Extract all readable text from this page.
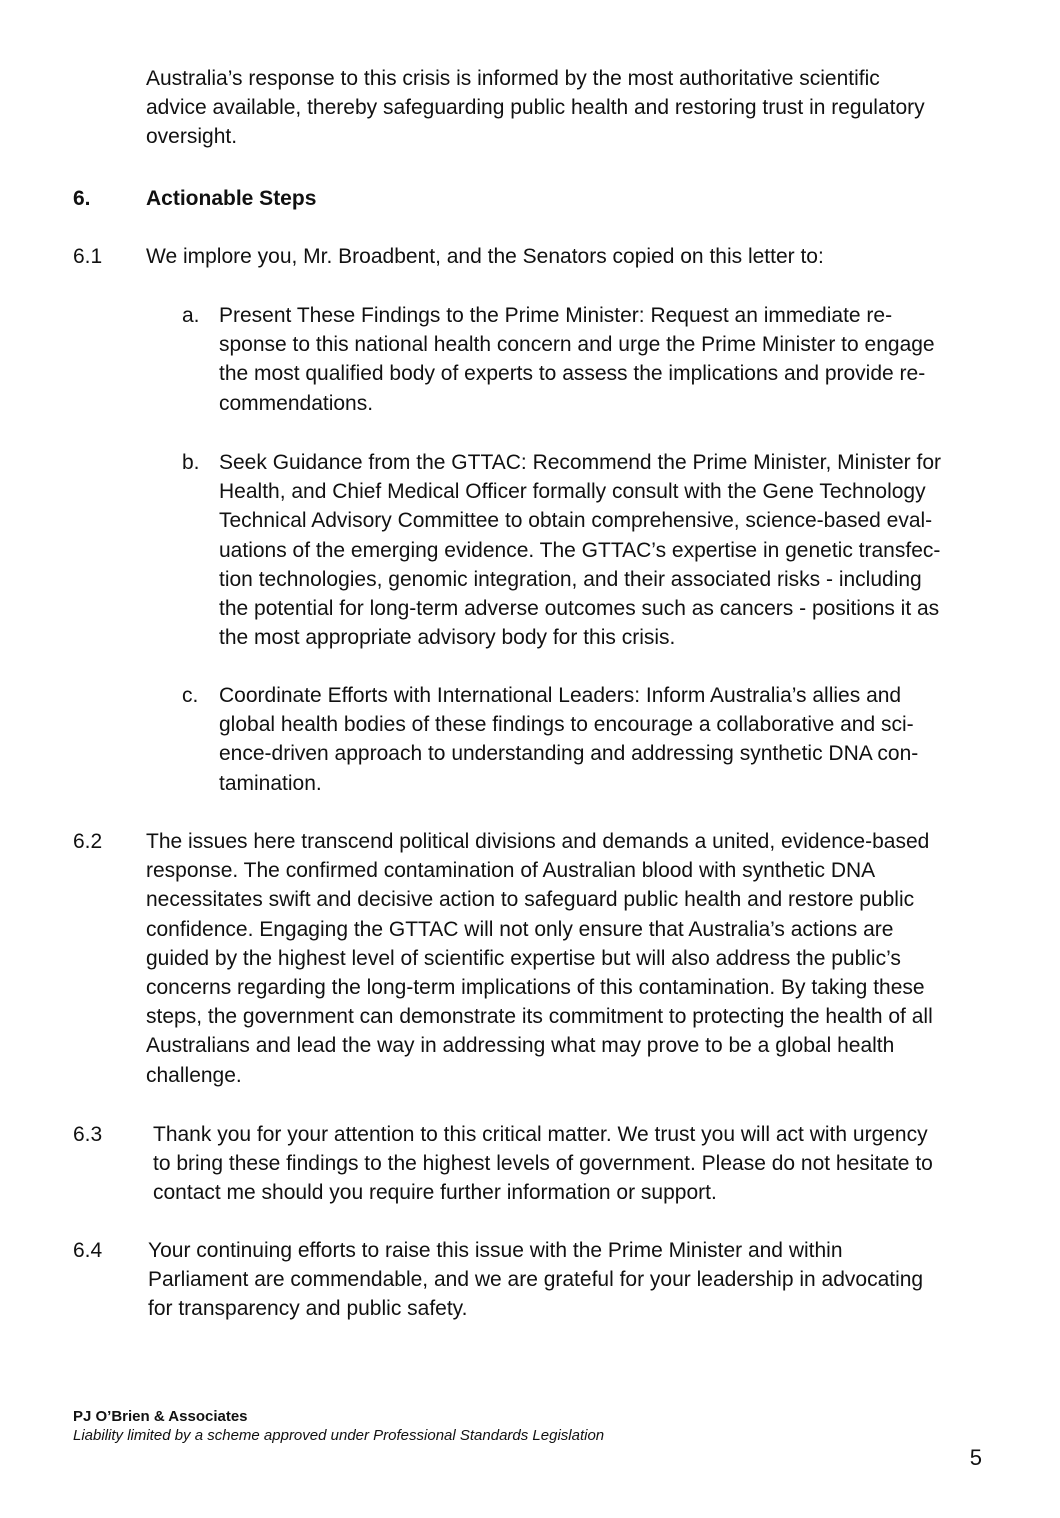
Australia’s response to this crisis is informed by the most authoritative scientific
advice available, thereby safeguarding public health and restoring trust in regulatory
oversight.
6.	Actionable Steps
6.1 We implore you, Mr. Broadbent, and the Senators copied on this letter to:
a. Present These Findings to the Prime Minister: Request an immediate re-
sponse to this national health concern and urge the Prime Minister to engage
the most qualified body of experts to assess the implications and provide re-
commendations.
b. Seek Guidance from the GTTAC: Recommend the Prime Minister, Minister for
Health, and Chief Medical Officer formally consult with the Gene Technology
Technical Advisory Committee to obtain comprehensive, science-based eval-
uations of the emerging evidence. The GTTAC’s expertise in genetic transfec-
tion technologies, genomic integration, and their associated risks - including
the potential for long-term adverse outcomes such as cancers - positions it as
the most appropriate advisory body for this crisis.
c. Coordinate Efforts with International Leaders: Inform Australia’s allies and
global health bodies of these findings to encourage a collaborative and sci-
ence-driven approach to understanding and addressing synthetic DNA con-
tamination.
6.2 The issues here transcend political divisions and demands a united, evidence-based
response. The confirmed contamination of Australian blood with synthetic DNA
necessitates swift and decisive action to safeguard public health and restore public
confidence. Engaging the GTTAC will not only ensure that Australia’s actions are
guided by the highest level of scientific expertise but will also address the public’s
concerns regarding the long-term implications of this contamination. By taking these
steps, the government can demonstrate its commitment to protecting the health of all
Australians and lead the way in addressing what may prove to be a global health
challenge.
6.3 Thank you for your attention to this critical matter. We trust you will act with urgency
to bring these findings to the highest levels of government. Please do not hesitate to
contact me should you require further information or support.
6.4 Your continuing efforts to raise this issue with the Prime Minister and within
Parliament are commendable, and we are grateful for your leadership in advocating
for transparency and public safety.
PJ O’Brien & Associates
Liability limited by a scheme approved under Professional Standards Legislation
5
